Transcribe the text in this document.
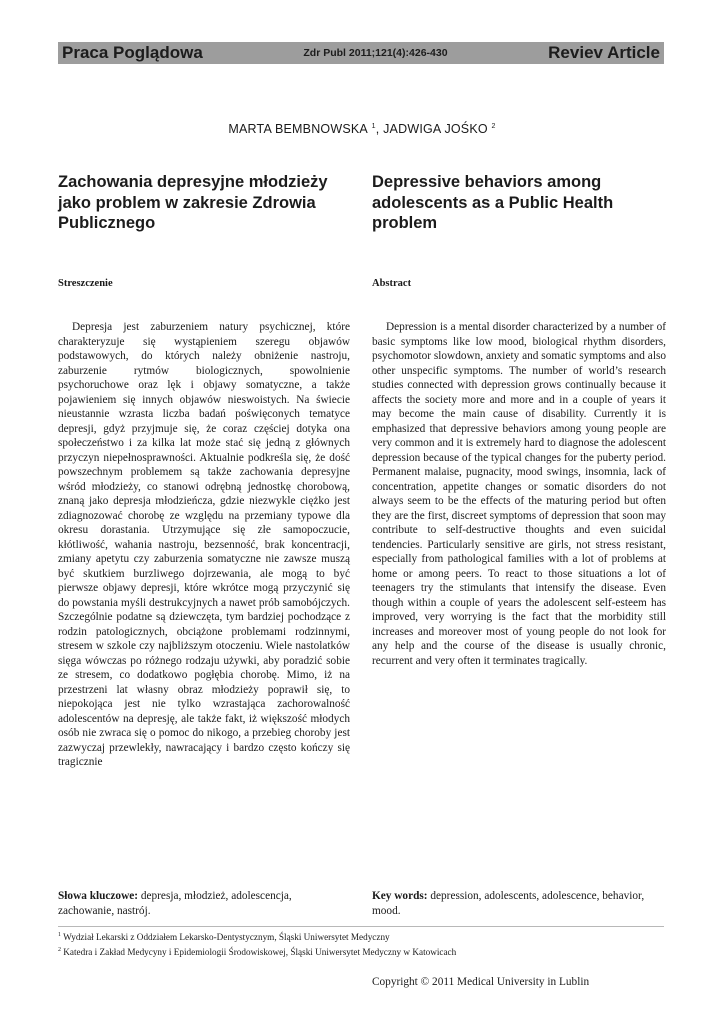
Praca Poglądowa	Zdr Publ 2011;121(4):426-430	Reviev Article
MARTA BEMBNOWSKA $^1$, JADWIGA JOŚKO $^2$
Zachowania depresyjne młodzieży jako problem w zakresie Zdrowia Publicznego
Depressive behaviors among adolescents as a Public Health problem
Streszczenie	Abstract

Depresja jest zaburzeniem natury psychicznej, które charakteryzuje się wystąpieniem szeregu objawów podstawowych, do których należy obniżenie nastroju, zaburzenie rytmów biologicznych, spowolnienie psychoruchowe oraz lęk i objawy somatyczne, a także pojawieniem się innych objawów nieswoistych. Na świecie nieustannie wzrasta liczba badań poświęconych tematyce depresji, gdyż przyjmuje się, że coraz częściej dotyka ona społeczeństwo i za kilka lat może stać się jedną z głównych przyczyn niepełnosprawności. Aktualnie podkreśla się, że dość powszechnym problemem są także zachowania depresyjne wśród młodzieży, co stanowi odrębną jednostkę chorobową, znaną jako depresja młodzieńcza, gdzie niezwykle ciężko jest zdiagnozować chorobę ze względu na przemiany typowe dla okresu dorastania. Utrzymujące się złe samopoczucie, kłótliwość, wahania nastroju, bezsenność, brak koncentracji, zmiany apetytu czy zaburzenia somatyczne nie zawsze muszą być skutkiem burzliwego dojrzewania, ale mogą to być pierwsze objawy depresji, które wkrótce mogą przyczynić się do powstania myśli destrukcyjnych a nawet prób samobójczych. Szczególnie podatne są dziewczęta, tym bardziej pochodzące z rodzin patologicznych, obciążone problemami rodzinnymi, stresem w szkole czy najbliższym otoczeniu. Wiele nastolatków sięga wówczas po różnego rodzaju używki, aby poradzić sobie ze stresem, co dodatkowo pogłębia chorobę. Mimo, iż na przestrzeni lat własny obraz młodzieży poprawił się, to niepokojąca jest nie tylko wzrastająca zachorowalność adolescentów na depresję, ale także fakt, iż większość młodych osób nie zwraca się o pomoc do nikogo, a przebieg choroby jest zazwyczaj przewlekły, nawracający i bardzo często kończy się tragicznie

Depression is a mental disorder characterized by a number of basic symptoms like low mood, biological rhythm disorders, psychomotor slowdown, anxiety and somatic symptoms and also other unspecific symptoms. The number of world’s research studies connected with depression grows continually because it affects the society more and more and in a couple of years it may become the main cause of disability. Currently it is emphasized that depressive behaviors among young people are very common and it is extremely hard to diagnose the adolescent depression because of the typical changes for the puberty period. Permanent malaise, pugnacity, mood swings, insomnia, lack of concentration, appetite changes or somatic disorders do not always seem to be the effects of the maturing period but often they are the first, discreet symptoms of depression that soon may contribute to self-destructive thoughts and even suicidal tendencies. Particularly sensitive are girls, not stress resistant, especially from pathological families with a lot of problems at home or among peers. To react to those situations a lot of teenagers try the stimulants that intensify the disease. Even though within a couple of years the adolescent self-esteem has improved, very worrying is the fact that the morbidity still increases and moreover most of young people do not look for any help and the course of the disease is usually chronic, recurrent and very often it terminates tragically.

Słowa kluczowe: depresja, młodzież, adolescencja, zachowanie, nastrój.
Key words: depression, adolescents, adolescence, behavior, mood.
$^1$ Wydział Lekarski z Oddziałem Lekarsko-Dentystycznym, Śląski Uniwersytet Medyczny
$^2$ Katedra i Zakład Medycyny i Epidemiologii Środowiskowej, Śląski Uniwersytet Medyczny w Katowicach
Copyright © 2011 Medical University in Lublin
